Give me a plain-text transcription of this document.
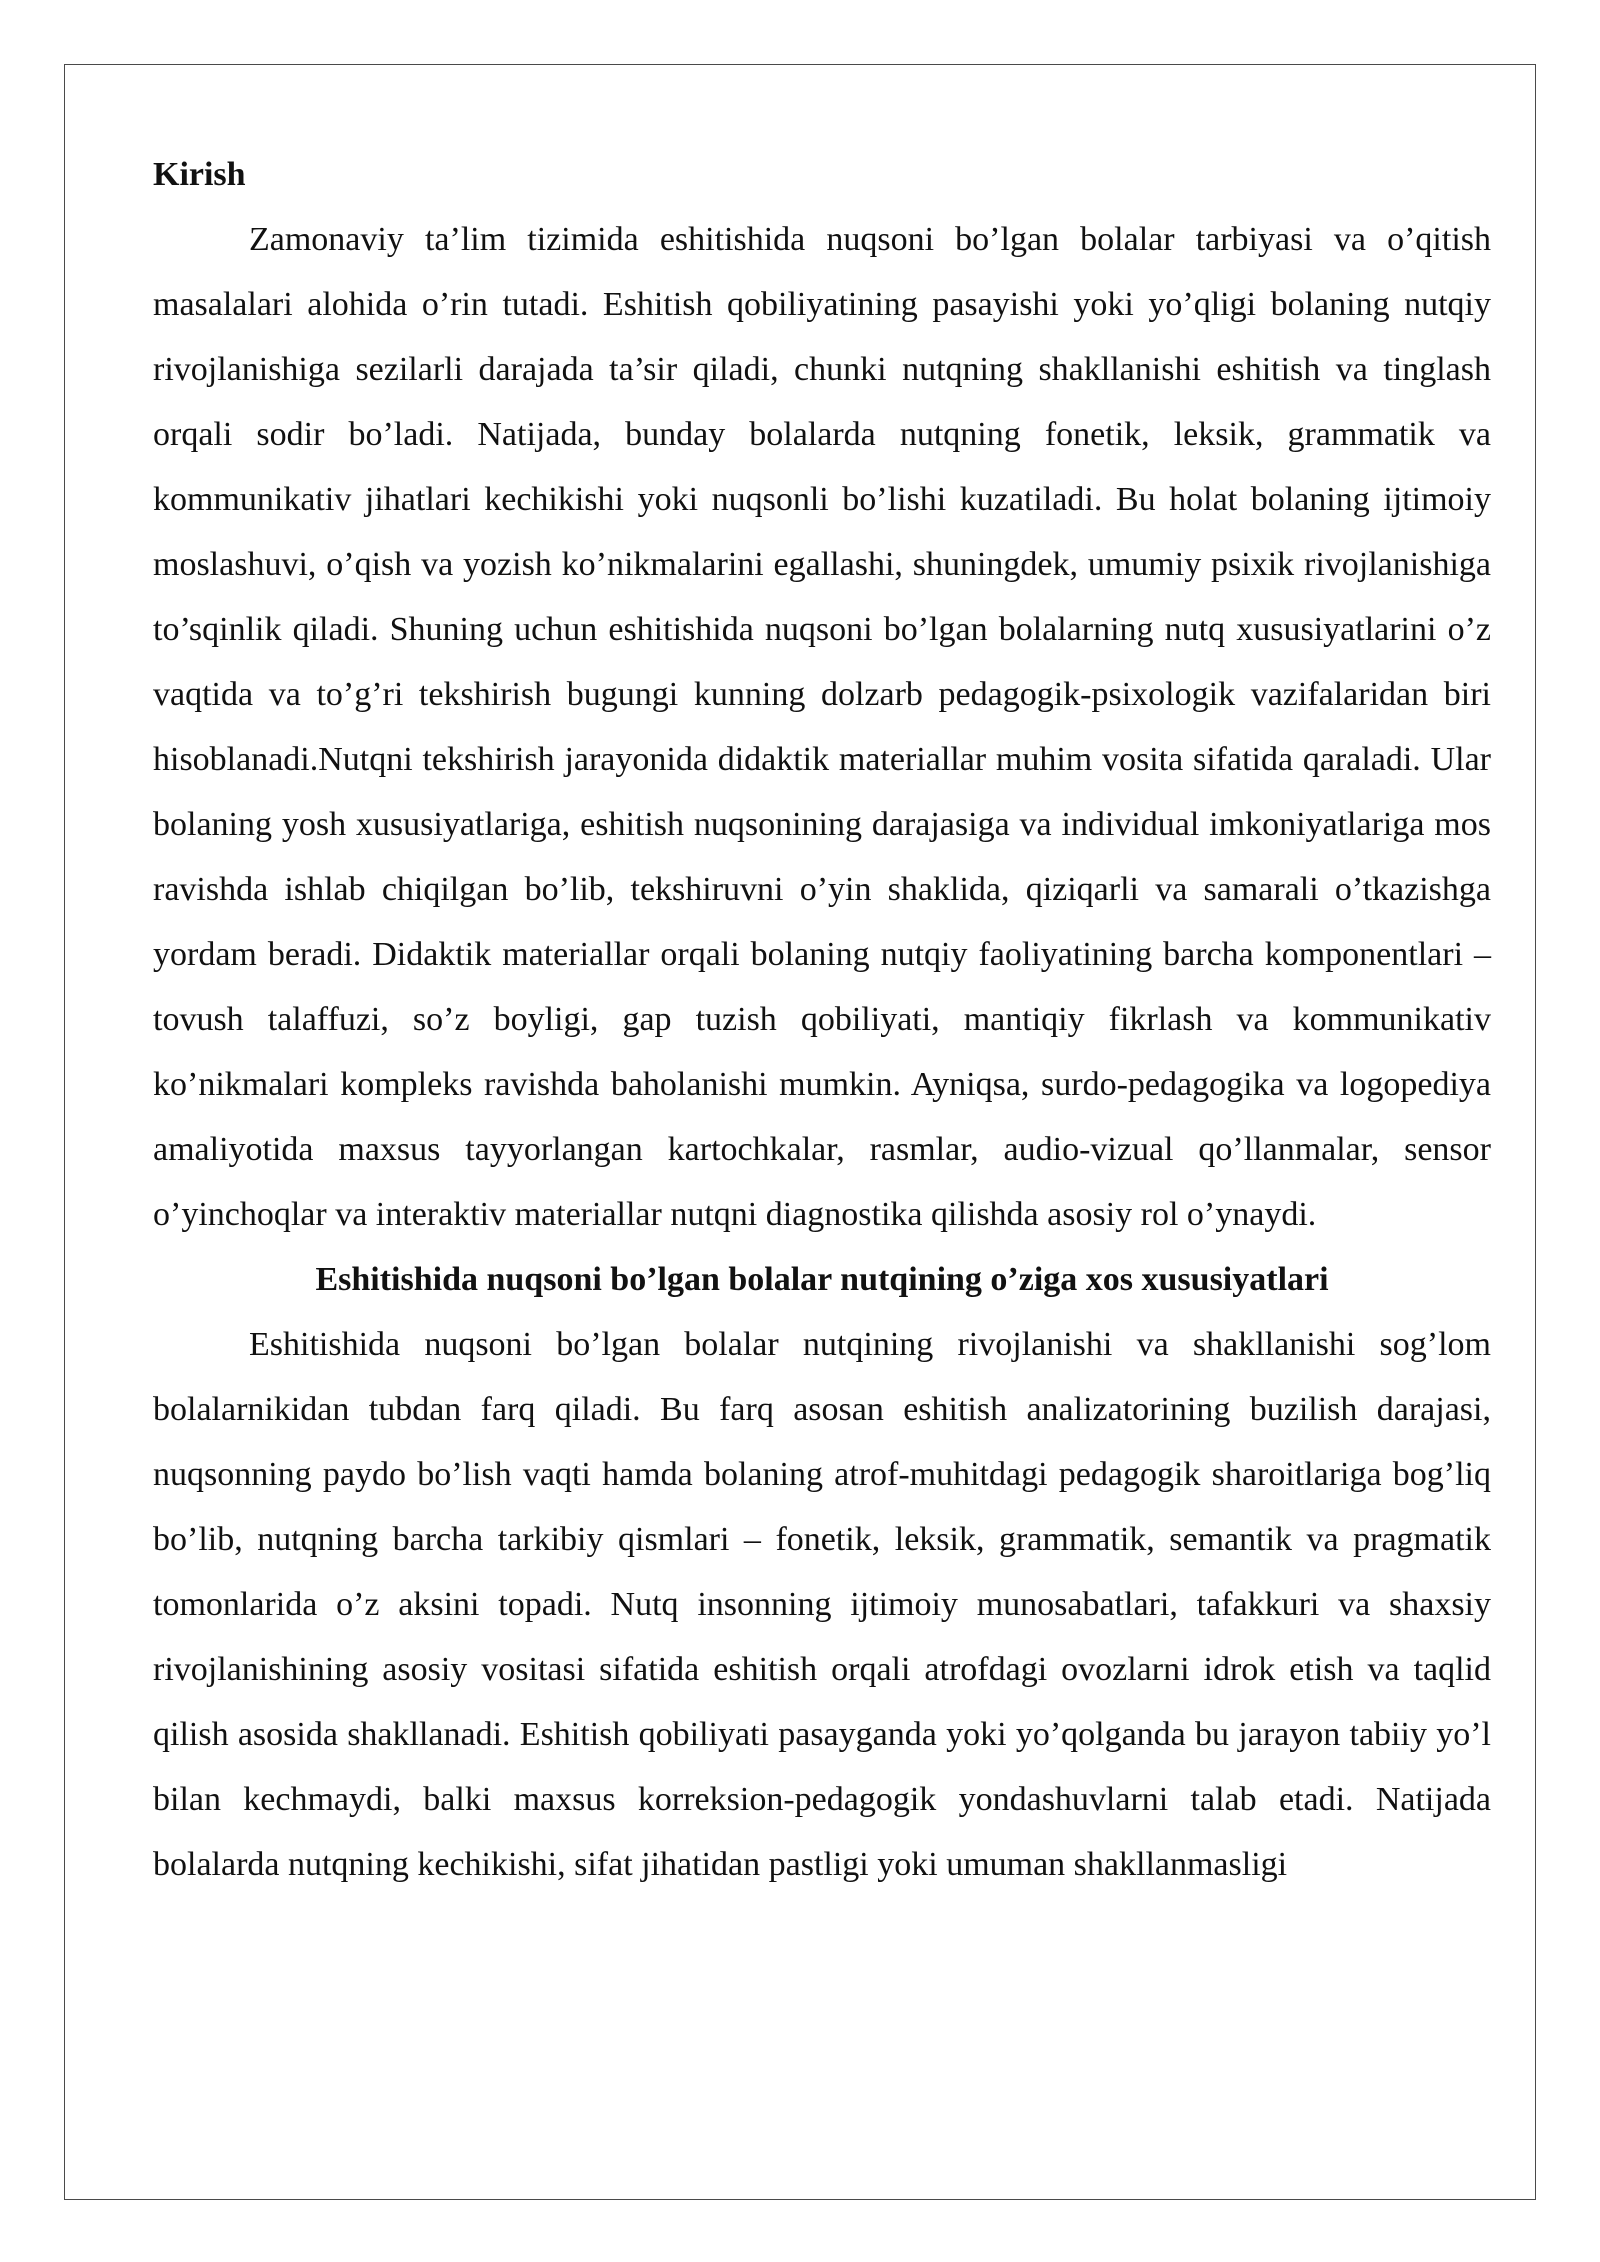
Kirish

Zamonaviy ta’lim tizimida eshitishida nuqsoni bo’lgan bolalar tarbiyasi va o’qitish masalalari alohida o’rin tutadi. Eshitish qobiliyatining pasayishi yoki yo’qligi bolaning nutqiy rivojlanishiga sezilarli darajada ta’sir qiladi, chunki nutqning shakllanishi eshitish va tinglash orqali sodir bo’ladi. Natijada, bunday bolalarda nutqning fonetik, leksik, grammatik va kommunikativ jihatlari kechikishi yoki nuqsonli bo’lishi kuzatiladi. Bu holat bolaning ijtimoiy moslashuvi, o’qish va yozish ko’nikmalarini egallashi, shuningdek, umumiy psixik rivojlanishiga to’sqinlik qiladi. Shuning uchun eshitishida nuqsoni bo’lgan bolalarning nutq xususiyatlarini o’z vaqtida va to’g’ri tekshirish bugungi kunning dolzarb pedagogik-psixologik vazifalaridan biri hisoblanadi.Nutqni tekshirish jarayonida didaktik materiallar muhim vosita sifatida qaraladi. Ular bolaning yosh xususiyatlariga, eshitish nuqsonining darajasiga va individual imkoniyatlariga mos ravishda ishlab chiqilgan bo’lib, tekshiruvni o’yin shaklida, qiziqarli va samarali o’tkazishga yordam beradi. Didaktik materiallar orqali bolaning nutqiy faoliyatining barcha komponentlari – tovush talaffuzi, so’z boyligi, gap tuzish qobiliyati, mantiqiy fikrlash va kommunikativ ko’nikmalari kompleks ravishda baholanishi mumkin. Ayniqsa, surdo-pedagogika va logopediya amaliyotida maxsus tayyorlangan kartochkalar, rasmlar, audio-vizual qo’llanmalar, sensor o’yinchoqlar va interaktiv materiallar nutqni diagnostika qilishda asosiy rol o’ynaydi.

Eshitishida nuqsoni bo’lgan bolalar nutqining o’ziga xos xususiyatlari

Eshitishida nuqsoni bo’lgan bolalar nutqining rivojlanishi va shakllanishi sog’lom bolalarnikidan tubdan farq qiladi. Bu farq asosan eshitish analizatorining buzilish darajasi, nuqsonning paydo bo’lish vaqti hamda bolaning atrof-muhitdagi pedagogik sharoitlariga bog’liq bo’lib, nutqning barcha tarkibiy qismlari – fonetik, leksik, grammatik, semantik va pragmatik tomonlarida o’z aksini topadi. Nutq insonning ijtimoiy munosabatlari, tafakkuri va shaxsiy rivojlanishining asosiy vositasi sifatida eshitish orqali atrofdagi ovozlarni idrok etish va taqlid qilish asosida shakllanadi. Eshitish qobiliyati pasayganda yoki yo’qolganda bu jarayon tabiiy yo’l bilan kechmaydi, balki maxsus korreksion-pedagogik yondashuvlarni talab etadi. Natijada bolalarda nutqning kechikishi, sifat jihatidan pastligi yoki umuman shakllanmasligi
